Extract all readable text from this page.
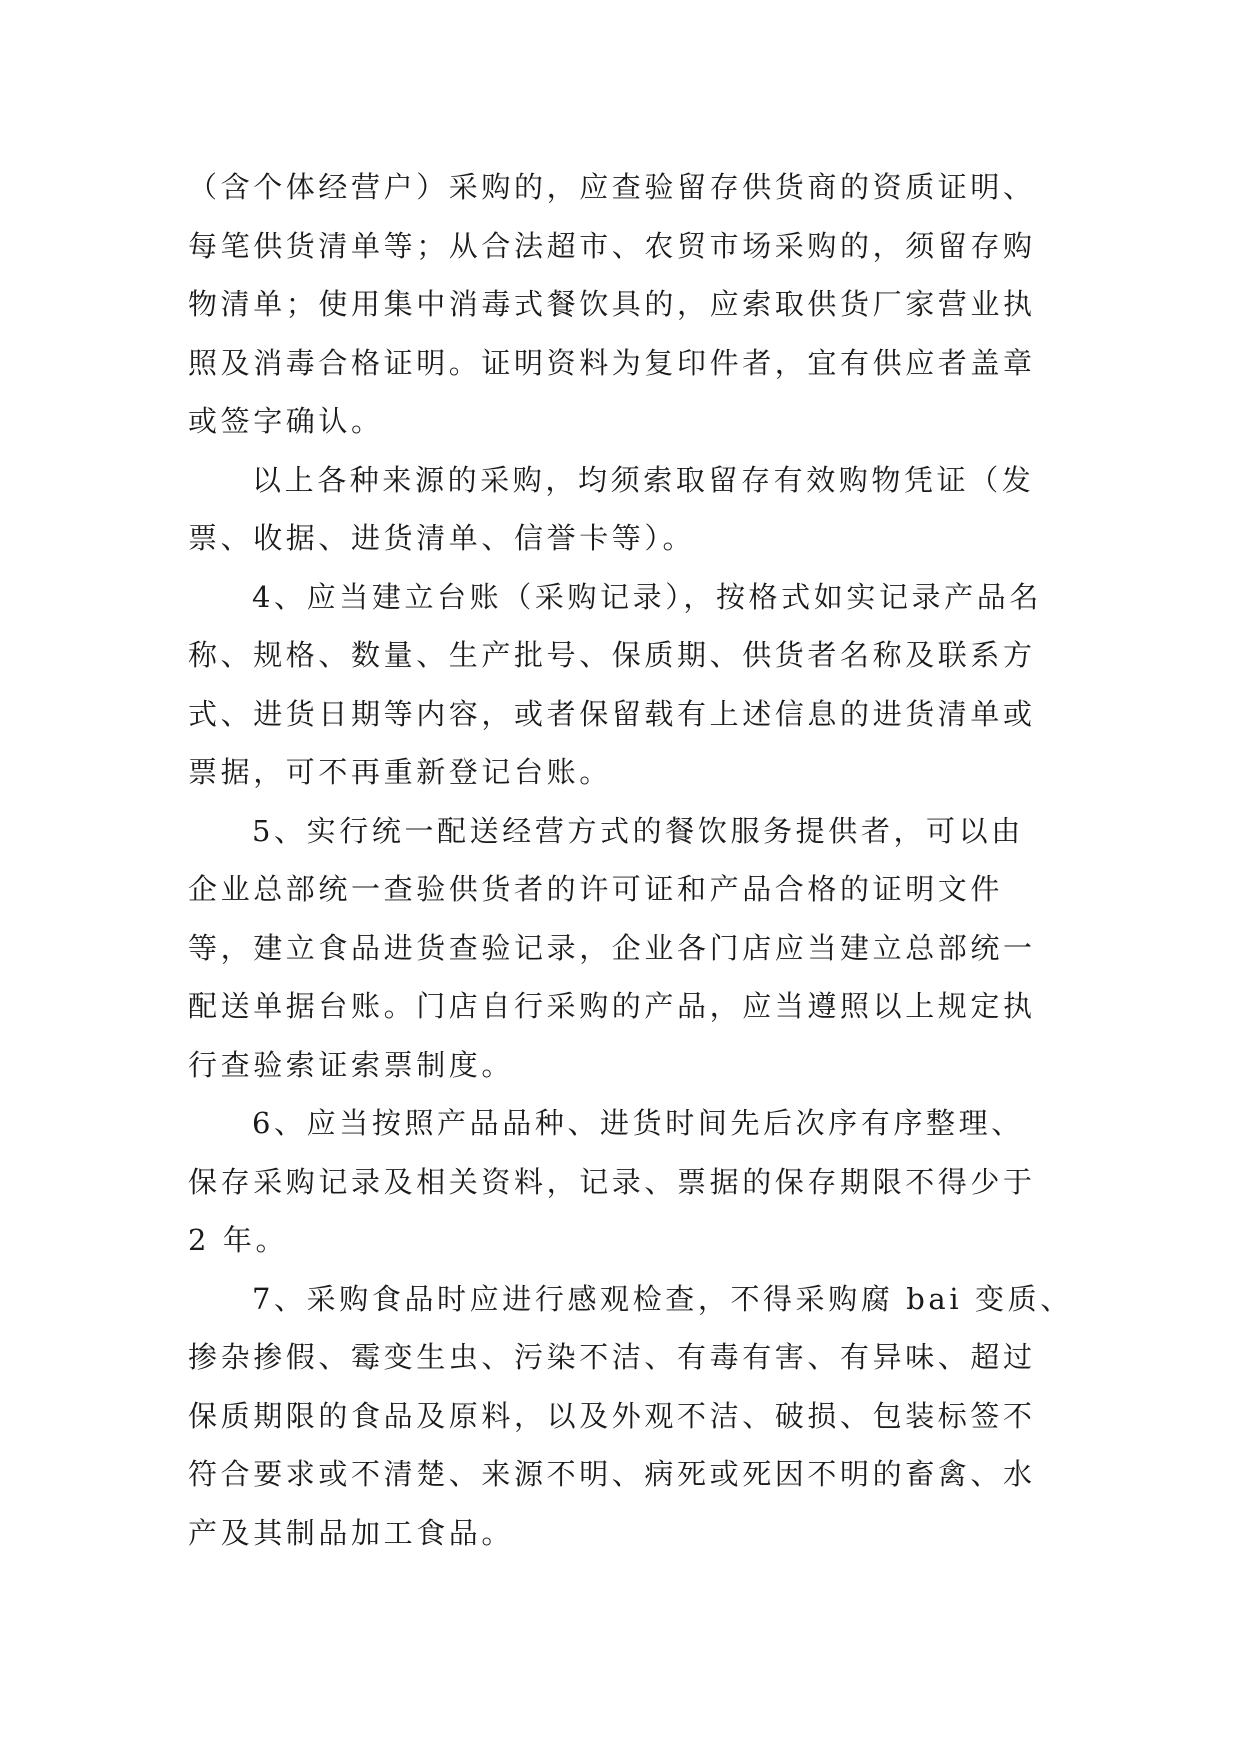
（含个体经营户）采购的，应查验留存供货商的资质证明、
每笔供货清单等；从合法超市、农贸市场采购的，须留存购
物清单；使用集中消毒式餐饮具的，应索取供货厂家营业执
照及消毒合格证明。证明资料为复印件者，宜有供应者盖章
或签字确认。
以上各种来源的采购，均须索取留存有效购物凭证（发
票、收据、进货清单、信誉卡等）。
4、应当建立台账（采购记录），按格式如实记录产品名
称、规格、数量、生产批号、保质期、供货者名称及联系方
式、进货日期等内容，或者保留载有上述信息的进货清单或
票据，可不再重新登记台账。
5、实行统一配送经营方式的餐饮服务提供者，可以由
企业总部统一查验供货者的许可证和产品合格的证明文件
等，建立食品进货查验记录，企业各门店应当建立总部统一
配送单据台账。门店自行采购的产品，应当遵照以上规定执
行查验索证索票制度。
6、应当按照产品品种、进货时间先后次序有序整理、
保存采购记录及相关资料，记录、票据的保存期限不得少于
2 年。
7、采购食品时应进行感观检查，不得采购腐 bai 变质、
掺杂掺假、霉变生虫、污染不洁、有毒有害、有异味、超过
保质期限的食品及原料，以及外观不洁、破损、包装标签不
符合要求或不清楚、来源不明、病死或死因不明的畜禽、水
产及其制品加工食品。
